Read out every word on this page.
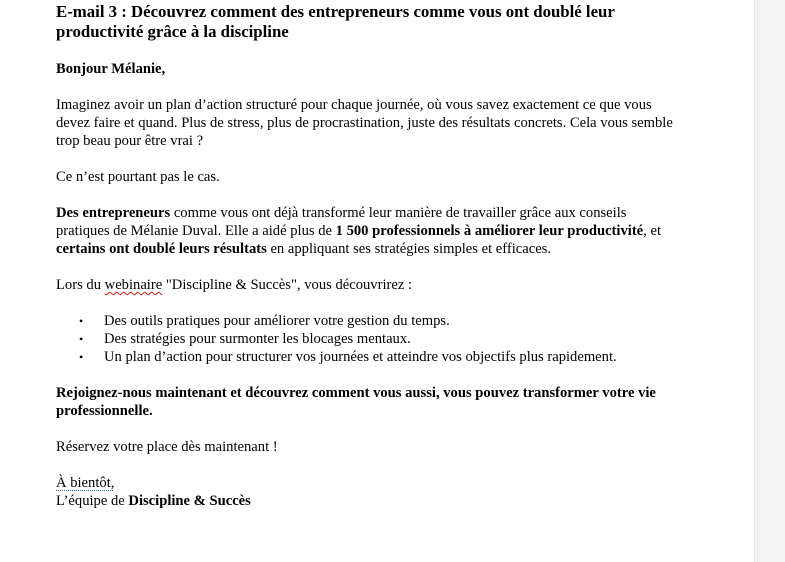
E-mail 3 : Découvrez comment des entrepreneurs comme vous ont doublé leur productivité grâce à la discipline

Bonjour Mélanie,

Imaginez avoir un plan d’action structuré pour chaque journée, où vous savez exactement ce que vous devez faire et quand. Plus de stress, plus de procrastination, juste des résultats concrets. Cela vous semble trop beau pour être vrai ?

Ce n’est pourtant pas le cas.

Des entrepreneurs comme vous ont déjà transformé leur manière de travailler grâce aux conseils pratiques de Mélanie Duval. Elle a aidé plus de 1 500 professionnels à améliorer leur productivité, et certains ont doublé leurs résultats en appliquant ses stratégies simples et efficaces.

Lors du webinaire "Discipline & Succès", vous découvrirez :

• Des outils pratiques pour améliorer votre gestion du temps.
• Des stratégies pour surmonter les blocages mentaux.
• Un plan d’action pour structurer vos journées et atteindre vos objectifs plus rapidement.

Rejoignez-nous maintenant et découvrez comment vous aussi, vous pouvez transformer votre vie professionnelle.

Réservez votre place dès maintenant !

À bientôt,

L’équipe de Discipline & Succès
